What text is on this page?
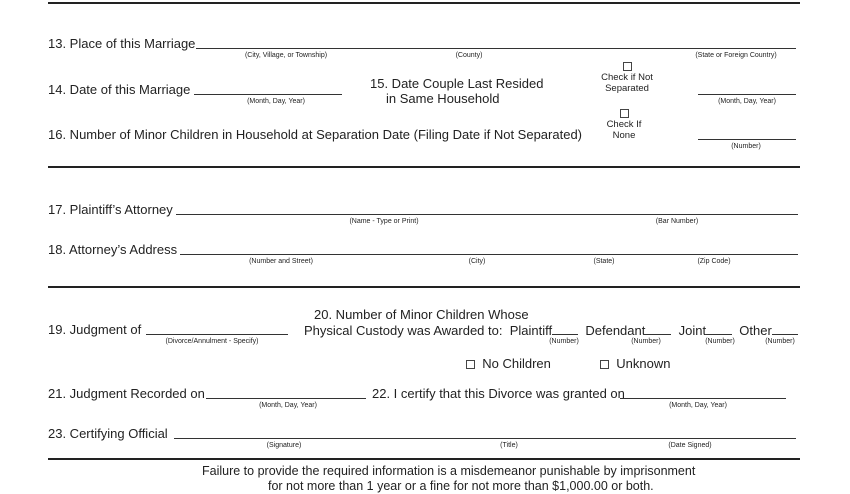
13. Place of this Marriage
(City, Village, or Township)	(County)	(State or Foreign Country)
14. Date of this Marriage
(Month, Day, Year)
15. Date Couple Last Resided
in Same Household

Check if Not
Separated
(Month, Day, Year)
16. Number of Minor Children in Household at Separation Date (Filing Date if Not Separated)

Check If
None
(Number)
17. Plaintiff’s Attorney
(Name - Type or Print)	(Bar Number)
18. Attorney’s Address
(Number and Street)	(City)	(State)	(Zip Code)
19. Judgment of
(Divorce/Annulment - Specify)
20. Number of Minor Children Whose
Physical Custody was Awarded to: Plaintiff	Defendant	Joint	Other
(Number)	(Number)	(Number)	(Number)
No Children	Unknown
21. Judgment Recorded on
(Month, Day, Year)
22. I certify that this Divorce was granted on
(Month, Day, Year)
23. Certifying Official
(Signature)	(Title)	(Date Signed)
Failure to provide the required information is a misdemeanor punishable by imprisonment
for not more than 1 year or a fine for not more than $1,000.00 or both.
